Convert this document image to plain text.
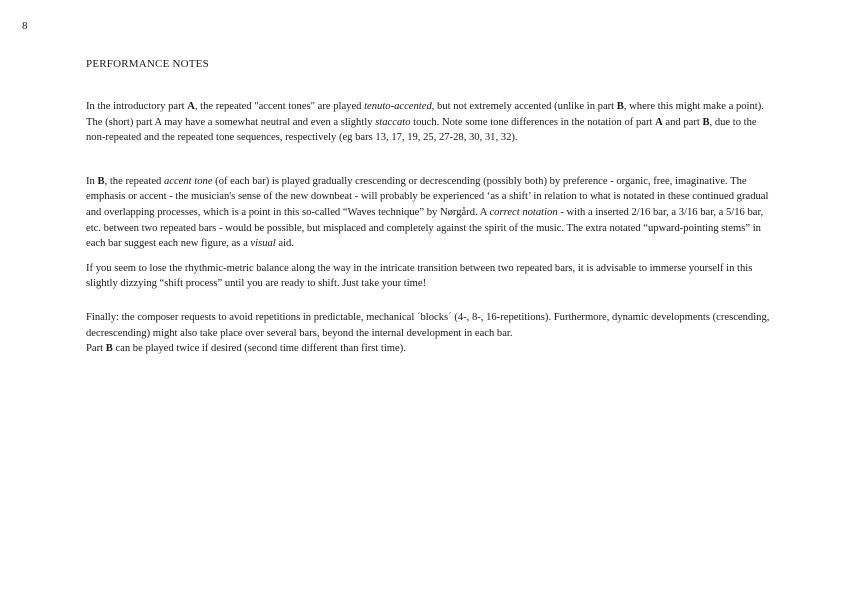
8
PERFORMANCE NOTES

In the introductory part A, the repeated "accent tones" are played tenuto-accented, but not extremely accented (unlike in part B, where this might make a point). The (short) part A may have a somewhat neutral and even a slightly staccato touch. Note some tone differences in the notation of part A and part B, due to the non-repeated and the repeated tone sequences, respectively (eg bars 13, 17, 19, 25, 27-28, 30, 31, 32).

In B, the repeated accent tone (of each bar) is played gradually crescending or decrescending (possibly both) by preference - organic, free, imaginative. The emphasis or accent - the musician's sense of the new downbeat - will probably be experienced ‘as a shift’ in relation to what is notated in these continued gradual and overlapping processes, which is a point in this so-called “Waves technique” by Nørgård. A correct notation - with a inserted 2/16 bar, a 3/16 bar, a 5/16 bar, etc. between two repeated bars - would be possible, but misplaced and completely against the spirit of the music. The extra notated “upward-pointing stems” in each bar suggest each new figure, as a visual aid.

If you seem to lose the rhythmic-metric balance along the way in the intricate transition between two repeated bars, it is advisable to immerse yourself in this slightly dizzying “shift process” until you are ready to shift. Just take your time!

Finally: the composer requests to avoid repetitions in predictable, mechanical ´blocks´ (4-, 8-, 16-repetitions). Furthermore, dynamic developments (crescending, decrescending) might also take place over several bars, beyond the internal development in each bar.
Part B can be played twice if desired (second time different than first time).
